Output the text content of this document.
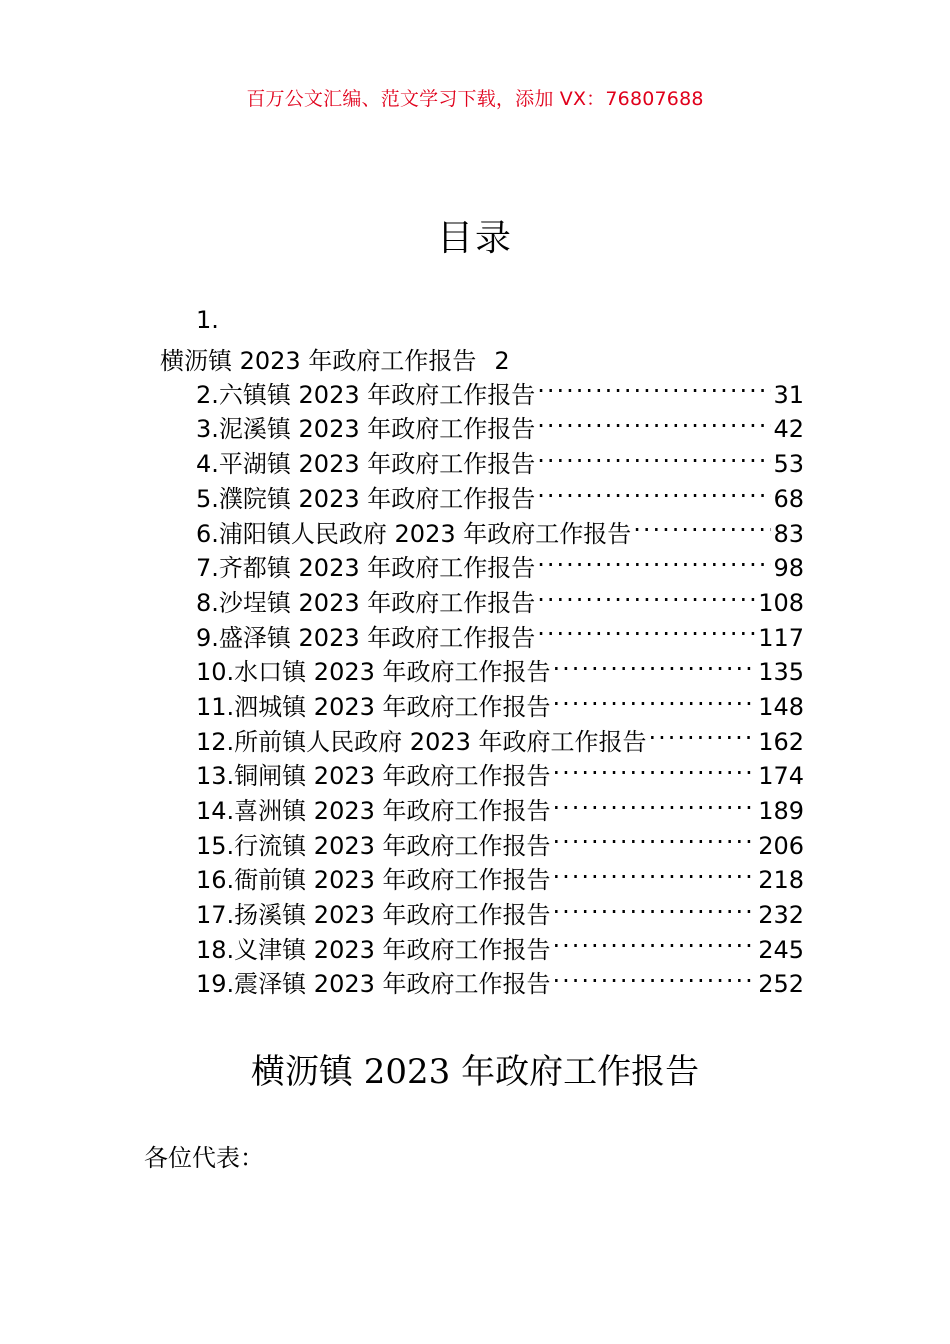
百万公文汇编、范文学习下载，添加 VX：76807688
目录
1.
横沥镇 2023 年政府工作报告 2
2.六镇镇 2023 年政府工作报告 .....	31
3.泥溪镇 2023 年政府工作报告 .....	42
4.平湖镇 2023 年政府工作报告 .....	53
5.濮院镇 2023 年政府工作报告 .....	68
6.浦阳镇人民政府 2023 年政府工作报告 .....	83
7.齐都镇 2023 年政府工作报告 .....	98
8.沙埕镇 2023 年政府工作报告 .....	108
9.盛泽镇 2023 年政府工作报告 .....	117
10.水口镇 2023 年政府工作报告 .....	135
11.泗城镇 2023 年政府工作报告 .....	148
12.所前镇人民政府 2023 年政府工作报告 .....	162
13.铜闸镇 2023 年政府工作报告 .....	174
14.喜洲镇 2023 年政府工作报告 .....	189
15.行流镇 2023 年政府工作报告 .....	206
16.衙前镇 2023 年政府工作报告 .....	218
17.扬溪镇 2023 年政府工作报告 .....	232
18.义津镇 2023 年政府工作报告 .....	245
19.震泽镇 2023 年政府工作报告 .....	252
横沥镇 2023 年政府工作报告
各位代表：
